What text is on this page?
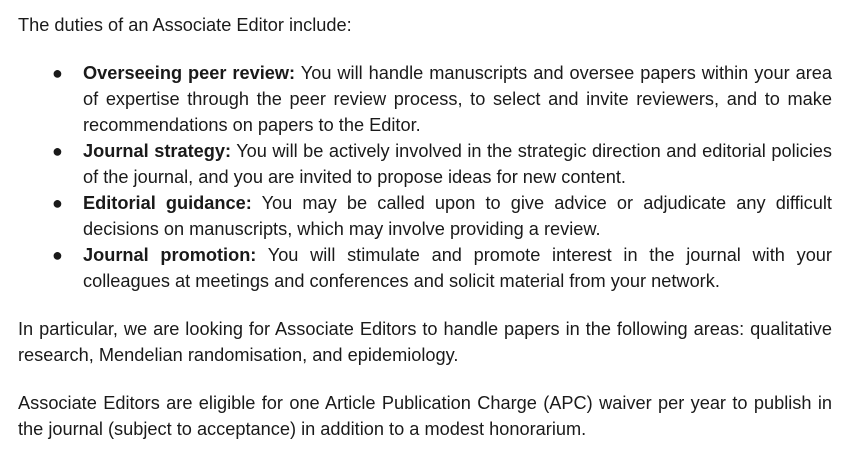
The duties of an Associate Editor include:

● Overseeing peer review: You will handle manuscripts and oversee papers within your area of expertise through the peer review process, to select and invite reviewers, and to make recommendations on papers to the Editor.
● Journal strategy: You will be actively involved in the strategic direction and editorial policies of the journal, and you are invited to propose ideas for new content.
● Editorial guidance: You may be called upon to give advice or adjudicate any difficult decisions on manuscripts, which may involve providing a review.
● Journal promotion: You will stimulate and promote interest in the journal with your colleagues at meetings and conferences and solicit material from your network.

In particular, we are looking for Associate Editors to handle papers in the following areas: qualitative research, Mendelian randomisation, and epidemiology.

Associate Editors are eligible for one Article Publication Charge (APC) waiver per year to publish in the journal (subject to acceptance) in addition to a modest honorarium.
